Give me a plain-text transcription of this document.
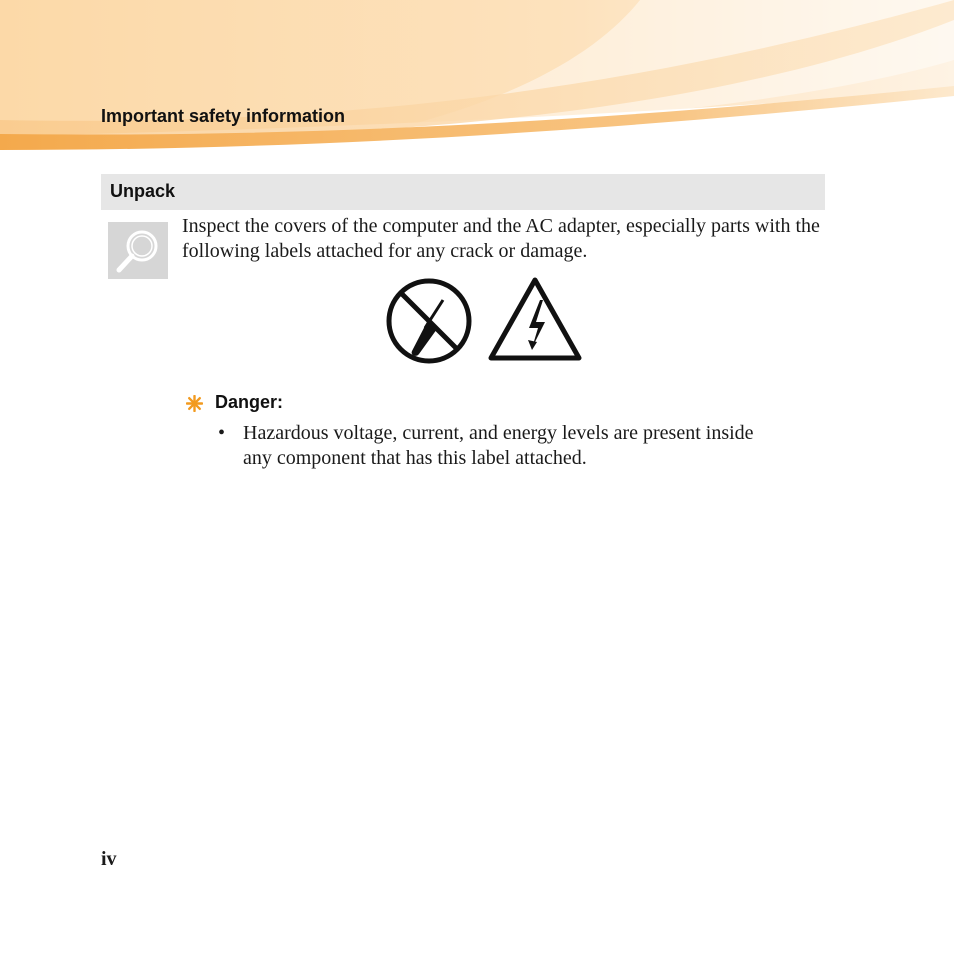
Important safety information
Unpack
Inspect the covers of the computer and the AC adapter, especially parts with the following labels attached for any crack or damage.
Danger:
• Hazardous voltage, current, and energy levels are present inside any component that has this label attached.
iv
